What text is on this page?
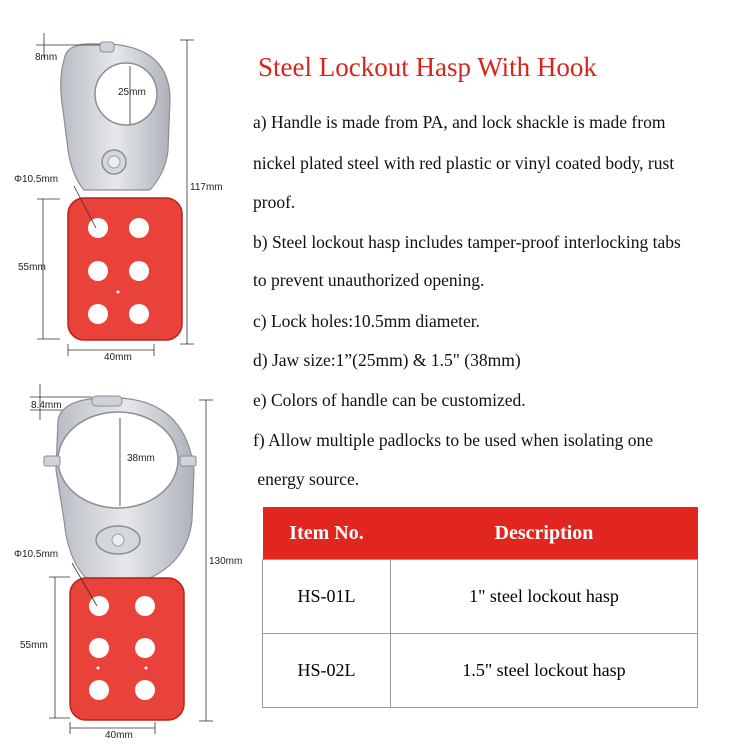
8mm
25mm
Φ10.5mm
117mm
55mm
40mm
8.4mm
38mm
Φ10.5mm
130mm
55mm
40mm
Steel Lockout Hasp With Hook
a) Handle is made from PA, and lock shackle is made from
nickel plated steel with red plastic or vinyl coated body, rust
proof.
b) Steel lockout hasp includes tamper-proof interlocking tabs
to prevent unauthorized opening.
c) Lock holes:10.5mm diameter.
d) Jaw size:1”(25mm) & 1.5" (38mm)
e) Colors of handle can be customized.
f) Allow multiple padlocks to be used when isolating one
energy source.
Item No.	Description
HS-01L	1" steel lockout hasp
HS-02L	1.5" steel lockout hasp
